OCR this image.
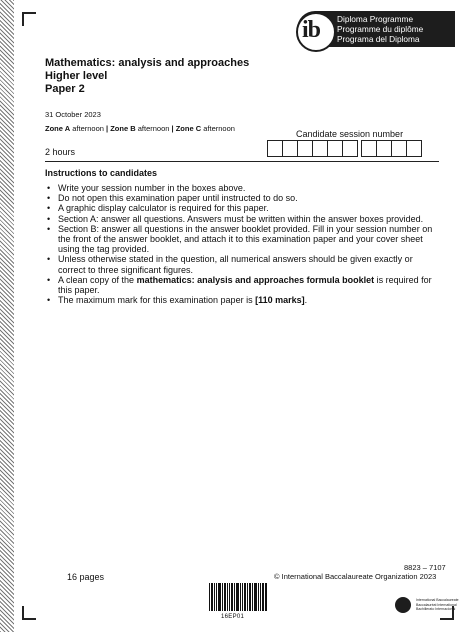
ib Diploma Programme
Programme du diplôme
Programa del Diploma
Mathematics: analysis and approaches
Higher level
Paper 2
31 October 2023
Zone A afternoon | Zone B afternoon | Zone C afternoon
Candidate session number
2 hours
Instructions to candidates
• Write your session number in the boxes above.
• Do not open this examination paper until instructed to do so.
• A graphic display calculator is required for this paper.
• Section A: answer all questions. Answers must be written within the answer boxes provided.
• Section B: answer all questions in the answer booklet provided. Fill in your session number on the front of the answer booklet, and attach it to this examination paper and your cover sheet using the tag provided.
• Unless otherwise stated in the question, all numerical answers should be given exactly or correct to three significant figures.
• A clean copy of the mathematics: analysis and approaches formula booklet is required for this paper.
• The maximum mark for this examination paper is [110 marks].
8823 – 7107
© International Baccalaureate Organization 2023
16 pages
16EP01
International Baccalaureate
Baccalauréat International
Bachillerato Internacional
